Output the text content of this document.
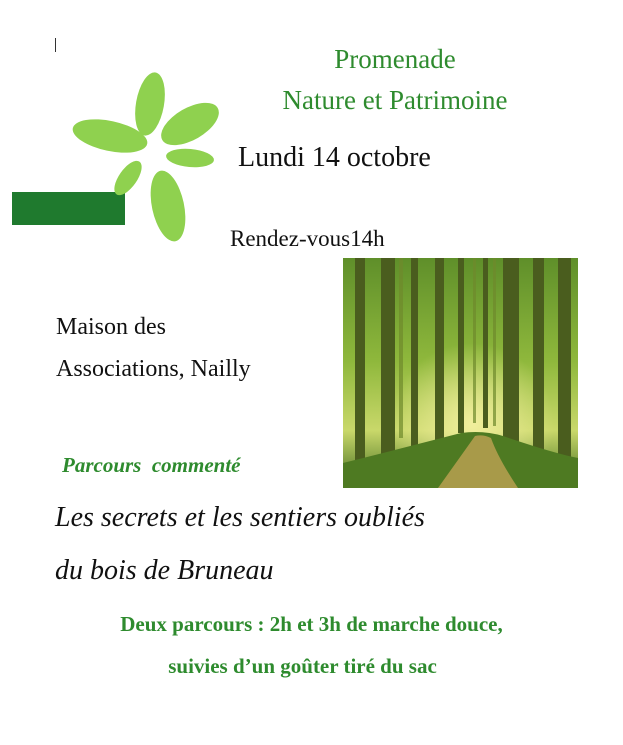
Promenade
Nature et Patrimoine
Lundi 14 octobre
Rendez-vous14h
Maison des
Associations, Nailly
Parcours  commenté
Les secrets et les sentiers oubliés
du bois de Bruneau
Deux parcours : 2h et 3h de marche douce,
suivies d’un goûter tiré du sac
